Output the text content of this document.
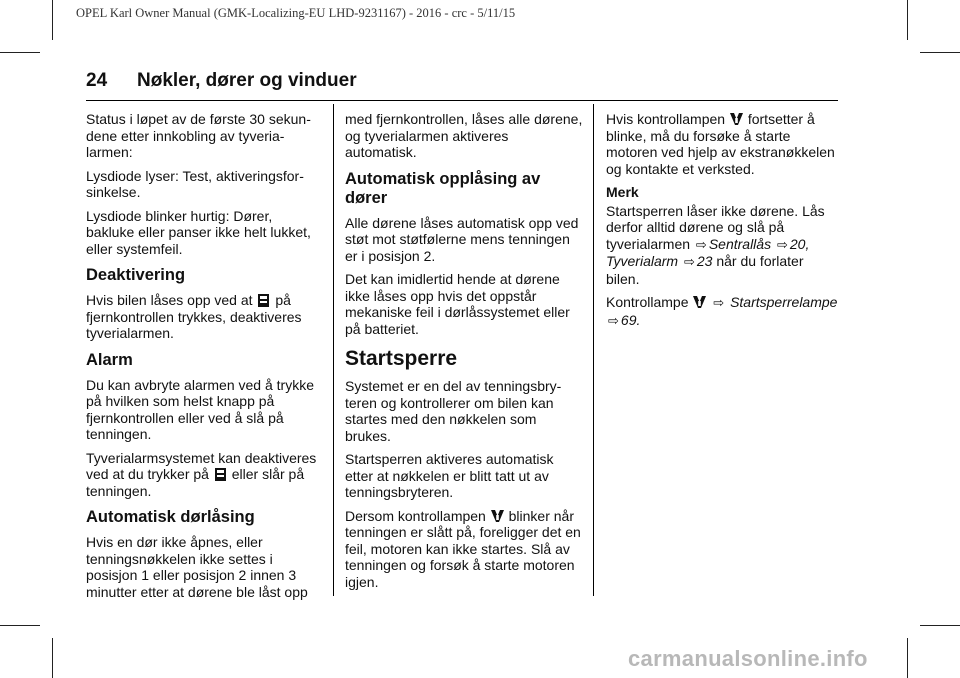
OPEL Karl Owner Manual (GMK-Localizing-EU LHD-9231167) - 2016 - crc - 5/11/15
24 Nøkler, dører og vinduer

Status i løpet av de første 30 sekundene etter innkobling av tyverialarmen:

Lysdiode lyser: Test, aktiveringsforsinkelse.

Lysdiode blinker hurtig: Dører, bakluke eller panser ikke helt lukket, eller systemfeil.

Deaktivering

Hvis bilen låses opp ved at på fjernkontrollen trykkes, deaktiveres tyverialarmen.

Alarm

Du kan avbryte alarmen ved å trykke på hvilken som helst knapp på fjernkontrollen eller ved å slå på tenningen.

Tyverialarmsystemet kan deaktiveres ved at du trykker på eller slår på tenningen.

Automatisk dørlåsing

Hvis en dør ikke åpnes, eller tenningsnøkkelen ikke settes i posisjon 1 eller posisjon 2 innen 3 minutter etter at dørene ble låst opp

med fjernkontrollen, låses alle dørene, og tyverialarmen aktiveres automatisk.

Automatisk opplåsing av dører

Alle dørene låses automatisk opp ved støt mot støtfølerne mens tenningen er i posisjon 2.

Det kan imidlertid hende at dørene ikke låses opp hvis det oppstår mekaniske feil i dørlåssystemet eller på batteriet.

Startsperre

Systemet er en del av tenningsbryteren og kontrollerer om bilen kan startes med den nøkkelen som brukes.

Startsperren aktiveres automatisk etter at nøkkelen er blitt tatt ut av tenningsbryteren.

Dersom kontrollampen blinker når tenningen er slått på, foreligger det en feil, motoren kan ikke startes. Slå av tenningen og forsøk å starte motoren igjen.

Hvis kontrollampen fortsetter å blinke, må du forsøke å starte motoren ved hjelp av ekstranøkkelen og kontakte et verksted.

Merk

Startsperren låser ikke dørene. Lås derfor alltid dørene og slå på tyverialarmen ⇨ Sentrallås ⇨ 20, Tyverialarm ⇨ 23 når du forlater bilen.

Kontrollampe ⇨ Startsperrelampe ⇨ 69.

carmanualsonline.info
